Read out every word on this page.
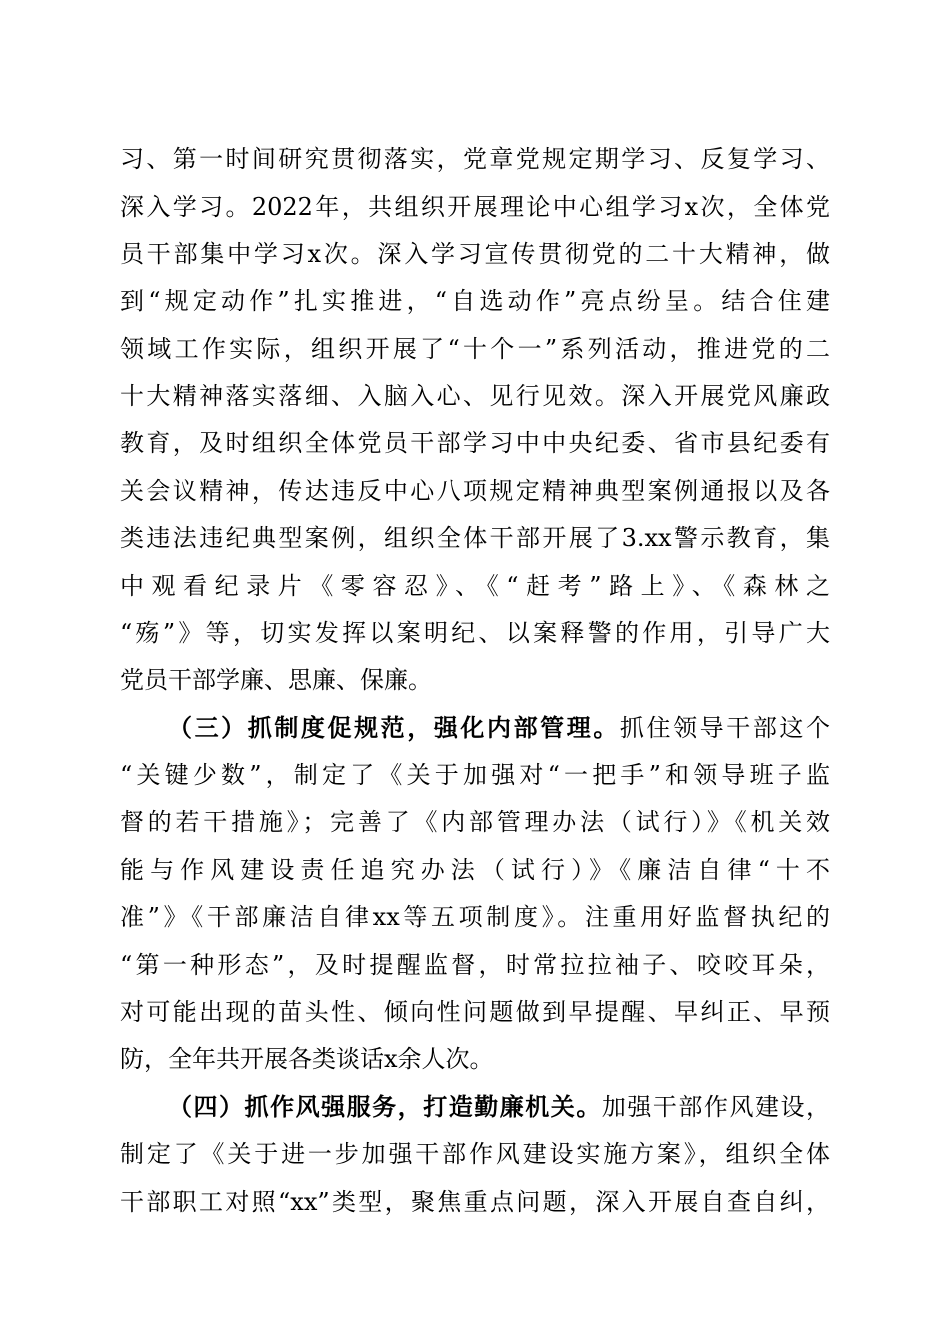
习、第一时间研究贯彻落实，党章党规定期学习、反复学习、
深入学习。2022年，共组织开展理论中心组学习x次，全体党
员干部集中学习x次。深入学习宣传贯彻党的二十大精神，做
到“规定动作”扎实推进，“自选动作”亮点纷呈。结合住建
领域工作实际，组织开展了“十个一”系列活动，推进党的二
十大精神落实落细、入脑入心、见行见效。深入开展党风廉政
教育，及时组织全体党员干部学习中中央纪委、省市县纪委有
关会议精神，传达违反中心八项规定精神典型案例通报以及各
类违法违纪典型案例，组织全体干部开展了3.xx警示教育，集
中观看纪录片《零容忍》、《“赶考”路上》、《森林之
“殇”》等，切实发挥以案明纪、以案释警的作用，引导广大
党员干部学廉、思廉、保廉。
（三）抓制度促规范，强化内部管理。抓住领导干部这个
“关键少数”，制定了《关于加强对“一把手”和领导班子监
督的若干措施》；完善了《内部管理办法（试行）》《机关效
能与作风建设责任追究办法（试行）》《廉洁自律“十不
准”》《干部廉洁自律xx等五项制度》。注重用好监督执纪的
“第一种形态”，及时提醒监督，时常拉拉袖子、咬咬耳朵，
对可能出现的苗头性、倾向性问题做到早提醒、早纠正、早预
防，全年共开展各类谈话x余人次。
（四）抓作风强服务，打造勤廉机关。加强干部作风建设，
制定了《关于进一步加强干部作风建设实施方案》，组织全体
干部职工对照“xx”类型，聚焦重点问题，深入开展自查自纠，
